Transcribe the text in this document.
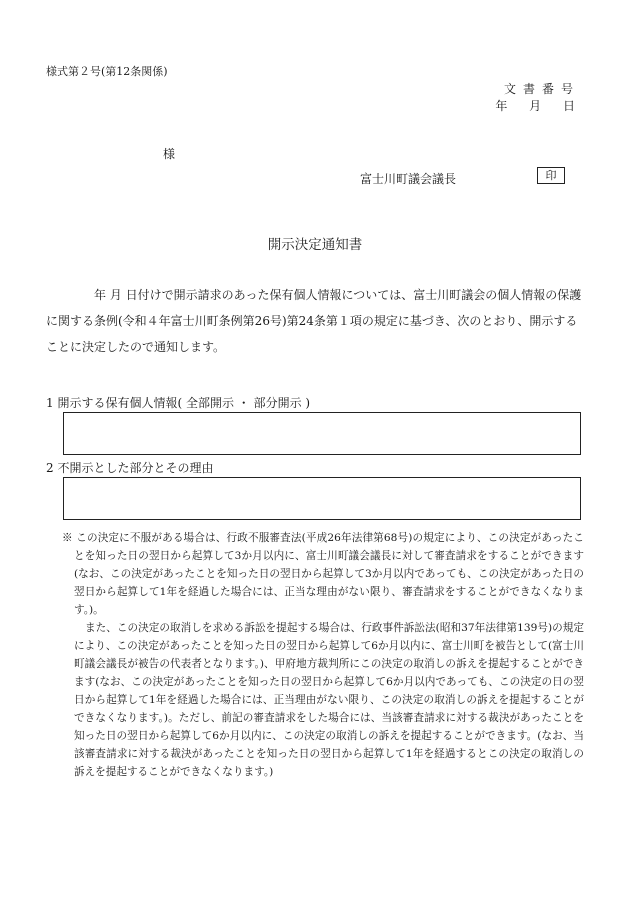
様式第２号(第12条関係)
文書番号
年 月 日
様
富士川町議会議長	印
開示決定通知書

年 月 日付けで開示請求のあった保有個人情報については、富士川町議会の個人情報の保護に関する条例(令和４年富士川町条例第26号)第24条第１項の規定に基づき、次のとおり、開示することに決定したので通知します。

1 開示する保有個人情報( 全部開示 ・ 部分開示 )
2 不開示とした部分とその理由

※ この決定に不服がある場合は、行政不服審査法(平成26年法律第68号)の規定により、この決定があったことを知った日の翌日から起算して3か月以内に、富士川町議会議長に対して審査請求をすることができます(なお、この決定があったことを知った日の翌日から起算して3か月以内であっても、この決定があった日の翌日から起算して1年を経過した場合には、正当な理由がない限り、審査請求をすることができなくなります。)。

また、この決定の取消しを求める訴訟を提起する場合は、行政事件訴訟法(昭和37年法律第139号)の規定により、この決定があったことを知った日の翌日から起算して6か月以内に、富士川町を被告として(富士川町議会議長が被告の代表者となります。)、甲府地方裁判所にこの決定の取消しの訴えを提起することができます(なお、この決定があったことを知った日の翌日から起算して6か月以内であっても、この決定の日の翌日から起算して1年を経過した場合には、正当理由がない限り、この決定の取消しの訴えを提起することができなくなります。)。ただし、前記の審査請求をした場合には、当該審査請求に対する裁決があったことを知った日の翌日から起算して6か月以内に、この決定の取消しの訴えを提起することができます。(なお、当該審査請求に対する裁決があったことを知った日の翌日から起算して1年を経過するとこの決定の取消しの訴えを提起することができなくなります。)
